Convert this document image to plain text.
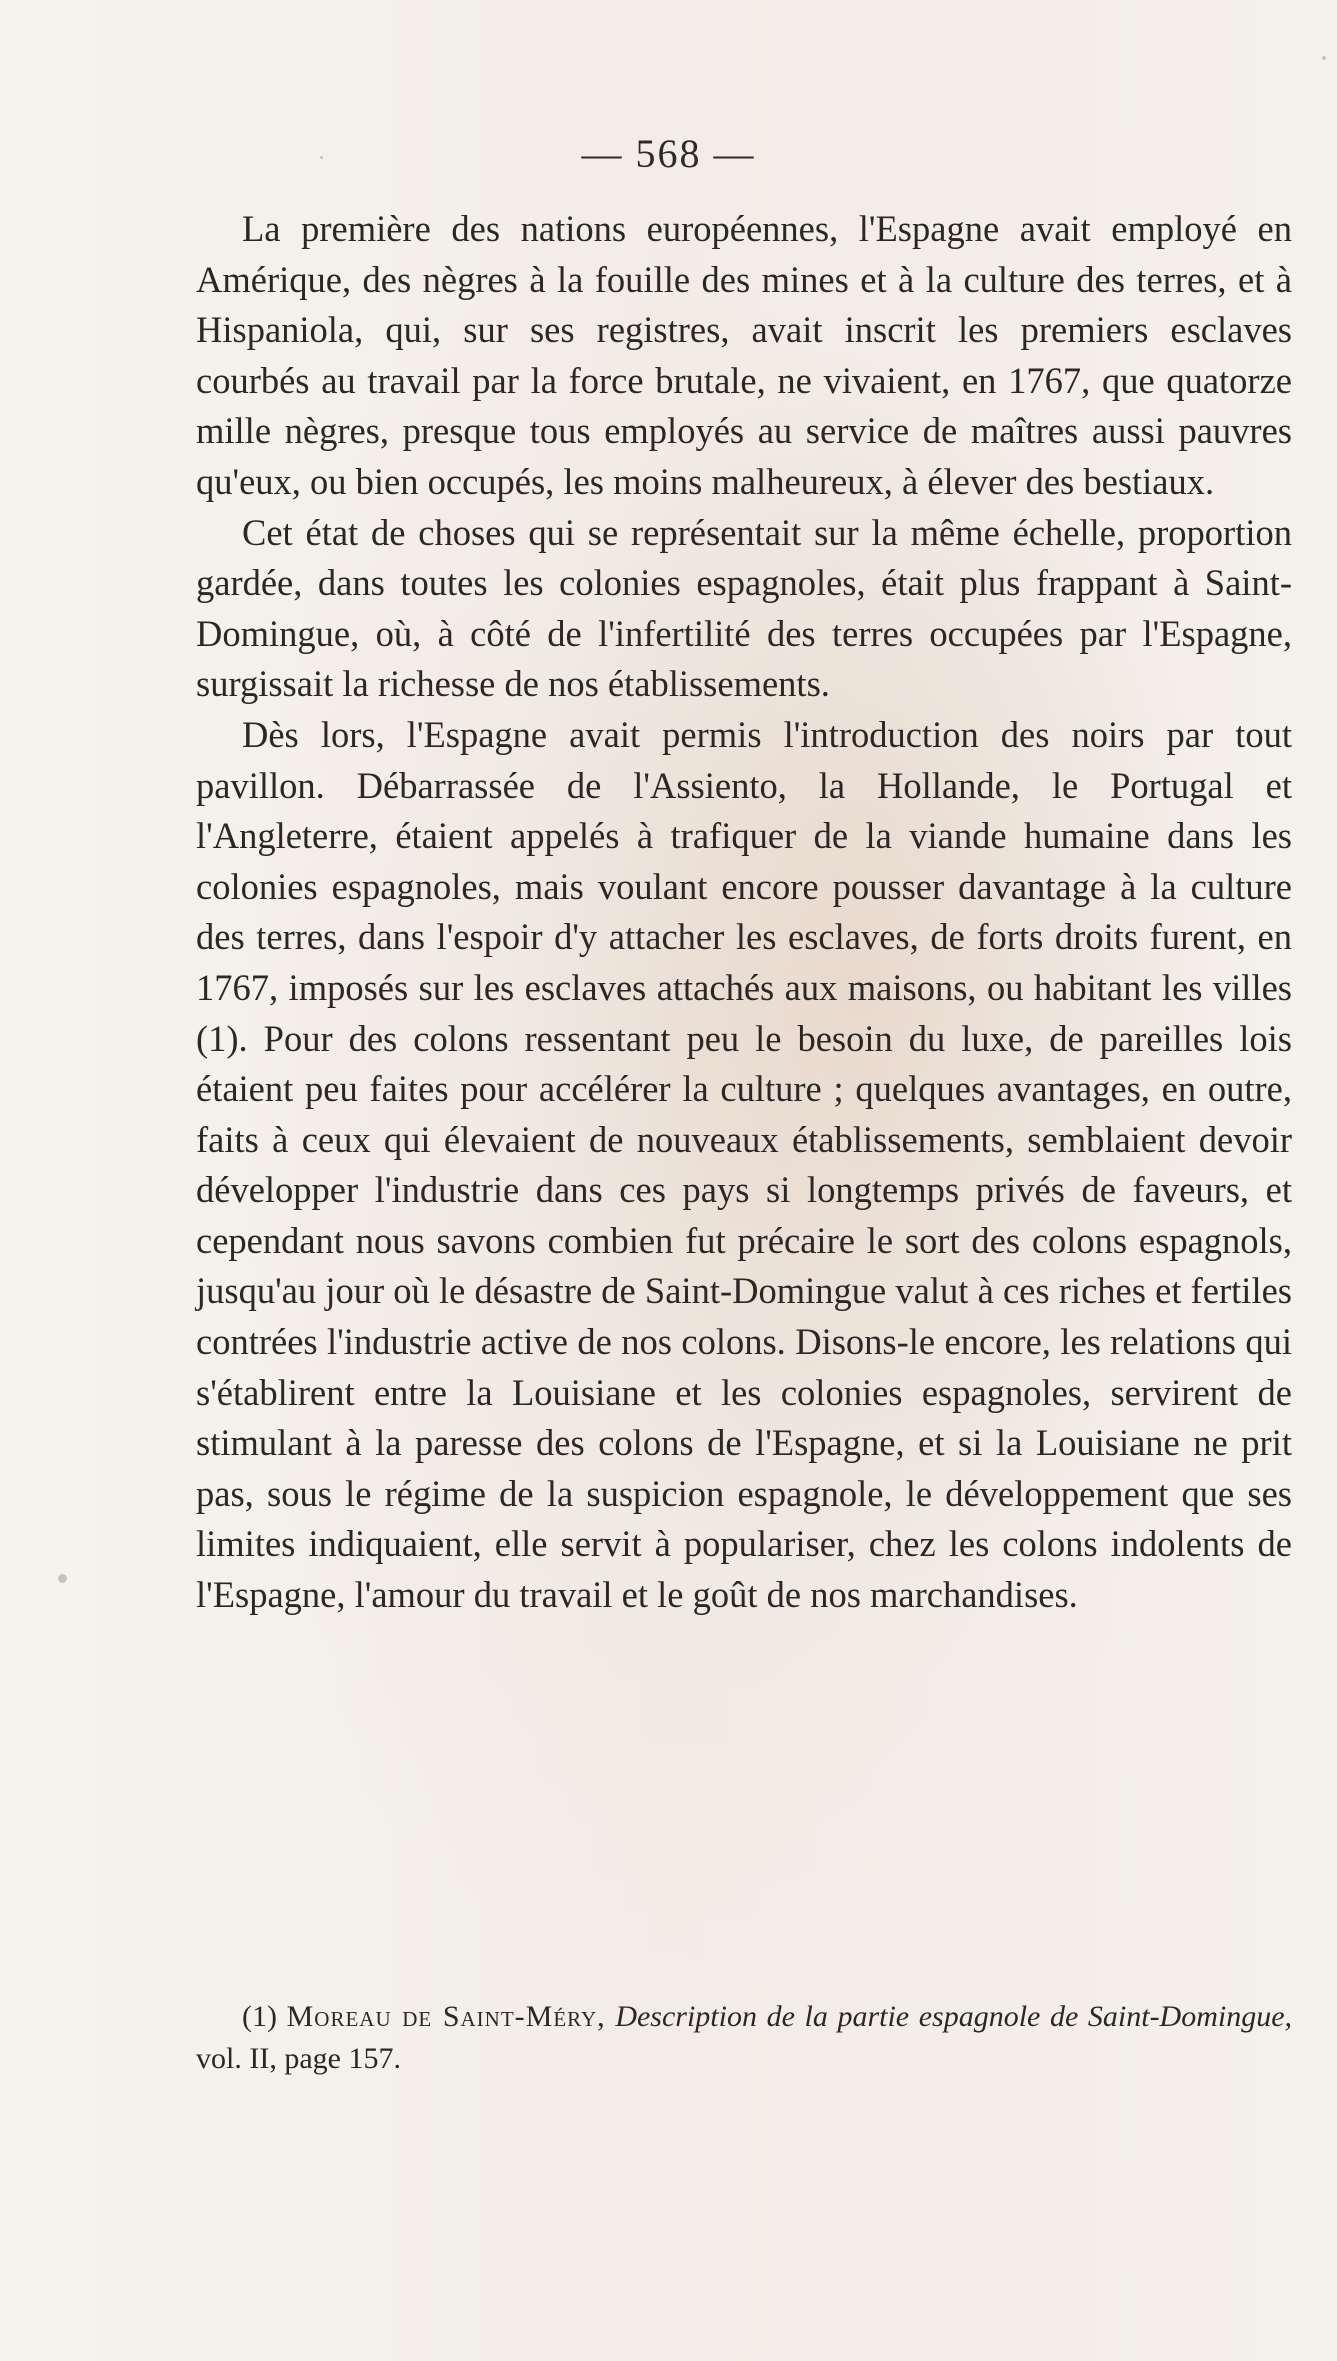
— 568 —

La première des nations européennes, l'Espagne avait employé en Amérique, des nègres à la fouille des mines et à la culture des terres, et à Hispaniola, qui, sur ses registres, avait inscrit les premiers esclaves courbés au travail par la force brutale, ne vivaient, en 1767, que quatorze mille nègres, presque tous employés au service de maîtres aussi pauvres qu'eux, ou bien occupés, les moins malheureux, à élever des bestiaux.

Cet état de choses qui se représentait sur la même échelle, proportion gardée, dans toutes les colonies espagnoles, était plus frappant à Saint-Domingue, où, à côté de l'infertilité des terres occupées par l'Espagne, surgissait la richesse de nos établissements.

Dès lors, l'Espagne avait permis l'introduction des noirs par tout pavillon. Débarrassée de l'Assiento, la Hollande, le Portugal et l'Angleterre, étaient appelés à trafiquer de la viande humaine dans les colonies espagnoles, mais voulant encore pousser davantage à la culture des terres, dans l'espoir d'y attacher les esclaves, de forts droits furent, en 1767, imposés sur les esclaves attachés aux maisons, ou habitant les villes (1). Pour des colons ressentant peu le besoin du luxe, de pareilles lois étaient peu faites pour accélérer la culture ; quelques avantages, en outre, faits à ceux qui élevaient de nouveaux établissements, semblaient devoir développer l'industrie dans ces pays si longtemps privés de faveurs, et cependant nous savons combien fut précaire le sort des colons espagnols, jusqu'au jour où le désastre de Saint-Domingue valut à ces riches et fertiles contrées l'industrie active de nos colons. Disons-le encore, les relations qui s'établirent entre la Louisiane et les colonies espagnoles, servirent de stimulant à la paresse des colons de l'Espagne, et si la Louisiane ne prit pas, sous le régime de la suspicion espagnole, le développement que ses limites indiquaient, elle servit à populariser, chez les colons indolents de l'Espagne, l'amour du travail et le goût de nos marchandises.

(1) Moreau de Saint-Méry, Description de la partie espagnole de Saint-Domingue, vol. II, page 157.
